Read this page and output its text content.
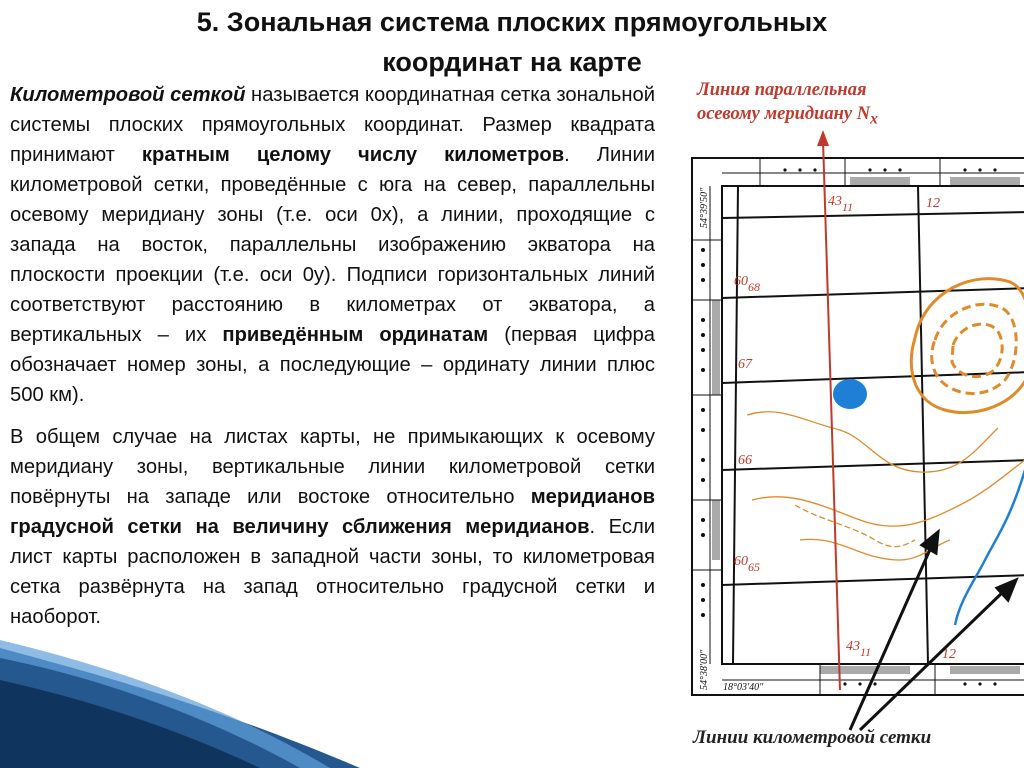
5. Зональная система плоских прямоугольных
координат на карте

Километровой сеткой называется координатная сетка зональной системы плоских прямоугольных координат. Размер квадрата принимают кратным целому числу километров. Линии километровой сетки, проведённые с юга на север, параллельны осевому меридиану зоны (т.е. оси 0х), а линии, проходящие с запада на восток, параллельны изображению экватора на плоскости проекции (т.е. оси 0у). Подписи горизонтальных линий соответствуют расстоянию в километрах от экватора, а вертикальных – их приведённым ординатам (первая цифра обозначает номер зоны, а последующие – ординату линии плюс 500 км).

В общем случае на листах карты, не примыкающих к осевому меридиану зоны, вертикальные линии километровой сетки повёрнуты на западе или востоке относительно меридианов градусной сетки на величину сближения меридианов. Если лист карты расположен в западной части зоны, то километровая сетка развёрнута на запад относительно градусной сетки и наоборот.

4311	12
6068
67
66
6065
4311	12
54°39'50"
54°38'00" 18°03'40"
Линия параллельная
осевому меридиану $N_x$
Линии километровой сетки
